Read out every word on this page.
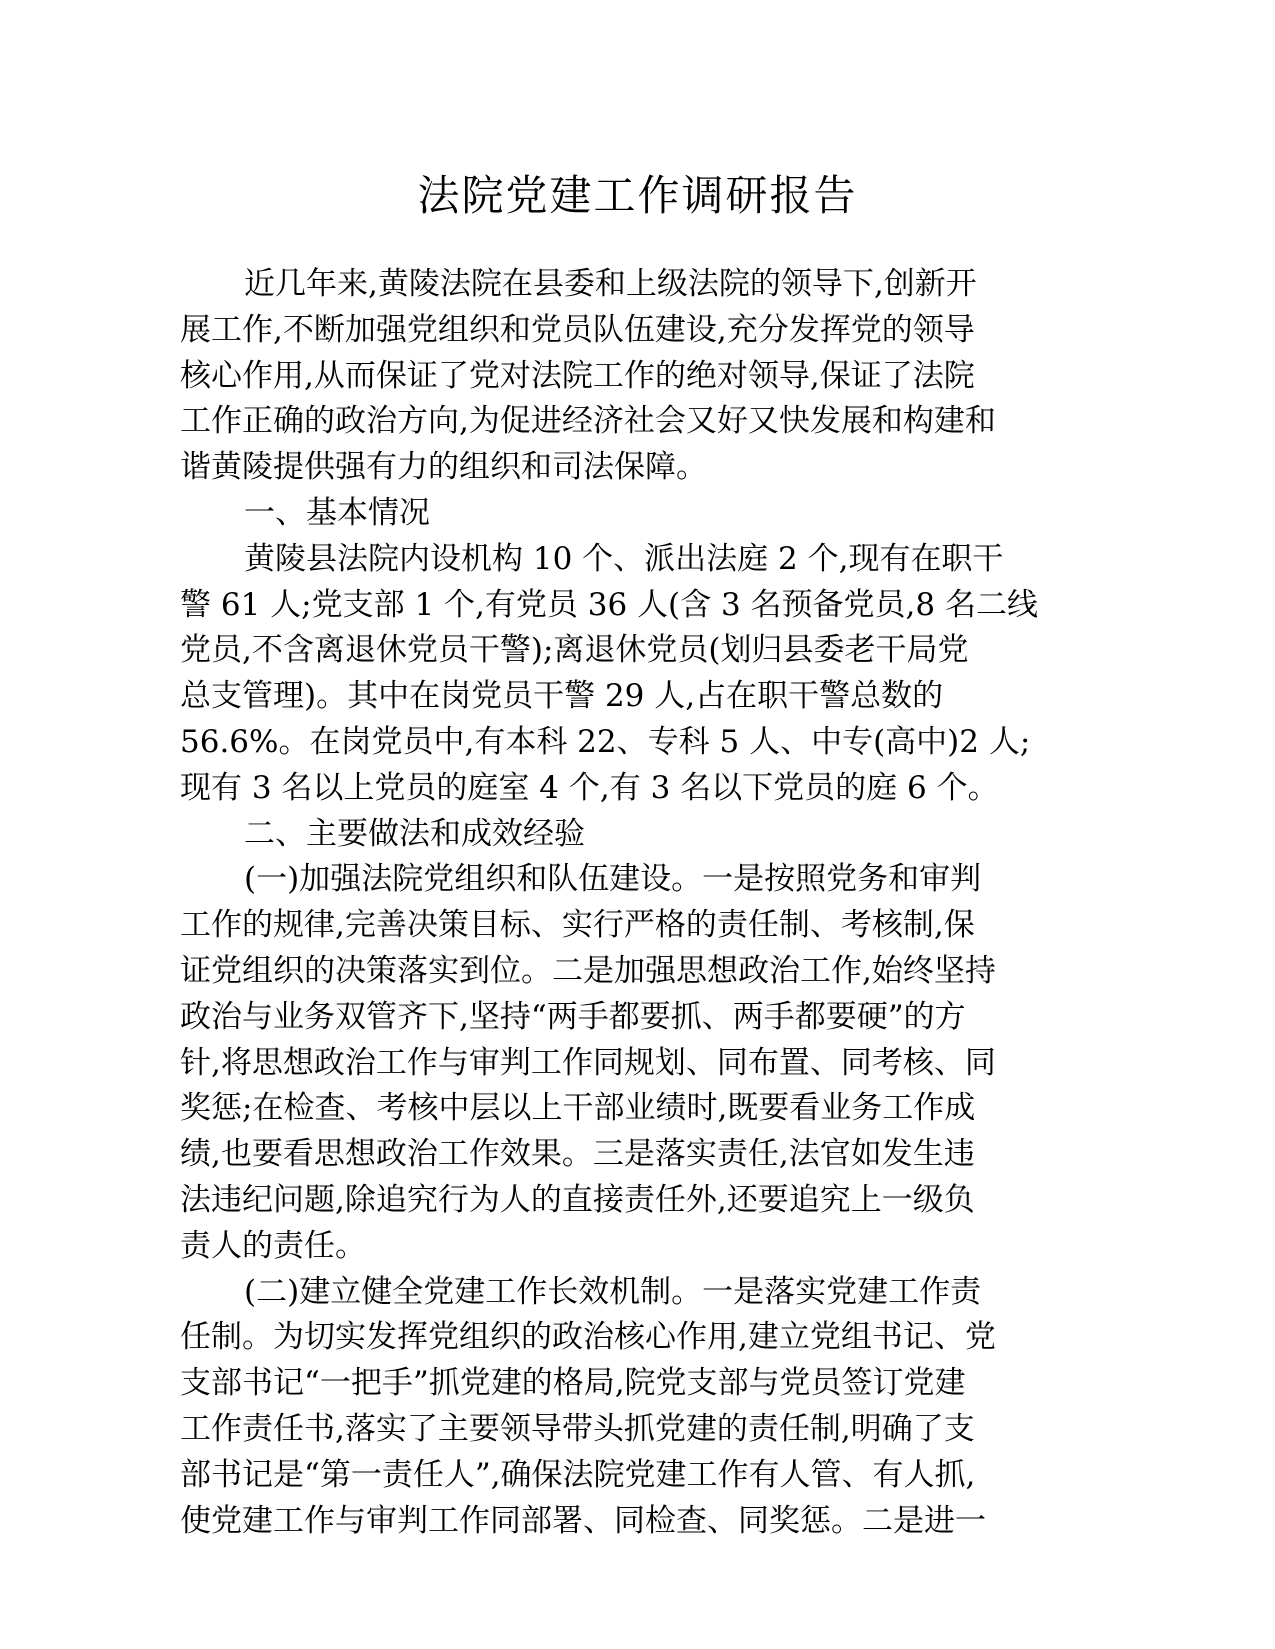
法院党建工作调研报告
近几年来,黄陵法院在县委和上级法院的领导下,创新开
展工作,不断加强党组织和党员队伍建设,充分发挥党的领导
核心作用,从而保证了党对法院工作的绝对领导,保证了法院
工作正确的政治方向,为促进经济社会又好又快发展和构建和
谐黄陵提供强有力的组织和司法保障。
一、基本情况
黄陵县法院内设机构 10 个、派出法庭 2 个,现有在职干
警 61 人;党支部 1 个,有党员 36 人(含 3 名预备党员,8 名二线
党员,不含离退休党员干警);离退休党员(划归县委老干局党
总支管理)。其中在岗党员干警 29 人,占在职干警总数的
56.6%。在岗党员中,有本科 22、专科 5 人、中专(高中)2 人;
现有 3 名以上党员的庭室 4 个,有 3 名以下党员的庭 6 个。
二、主要做法和成效经验
(一)加强法院党组织和队伍建设。一是按照党务和审判
工作的规律,完善决策目标、实行严格的责任制、考核制,保
证党组织的决策落实到位。二是加强思想政治工作,始终坚持
政治与业务双管齐下,坚持“两手都要抓、两手都要硬”的方
针,将思想政治工作与审判工作同规划、同布置、同考核、同
奖惩;在检查、考核中层以上干部业绩时,既要看业务工作成
绩,也要看思想政治工作效果。三是落实责任,法官如发生违
法违纪问题,除追究行为人的直接责任外,还要追究上一级负
责人的责任。
(二)建立健全党建工作长效机制。一是落实党建工作责
任制。为切实发挥党组织的政治核心作用,建立党组书记、党
支部书记“一把手”抓党建的格局,院党支部与党员签订党建
工作责任书,落实了主要领导带头抓党建的责任制,明确了支
部书记是“第一责任人”,确保法院党建工作有人管、有人抓,
使党建工作与审判工作同部署、同检查、同奖惩。二是进一
